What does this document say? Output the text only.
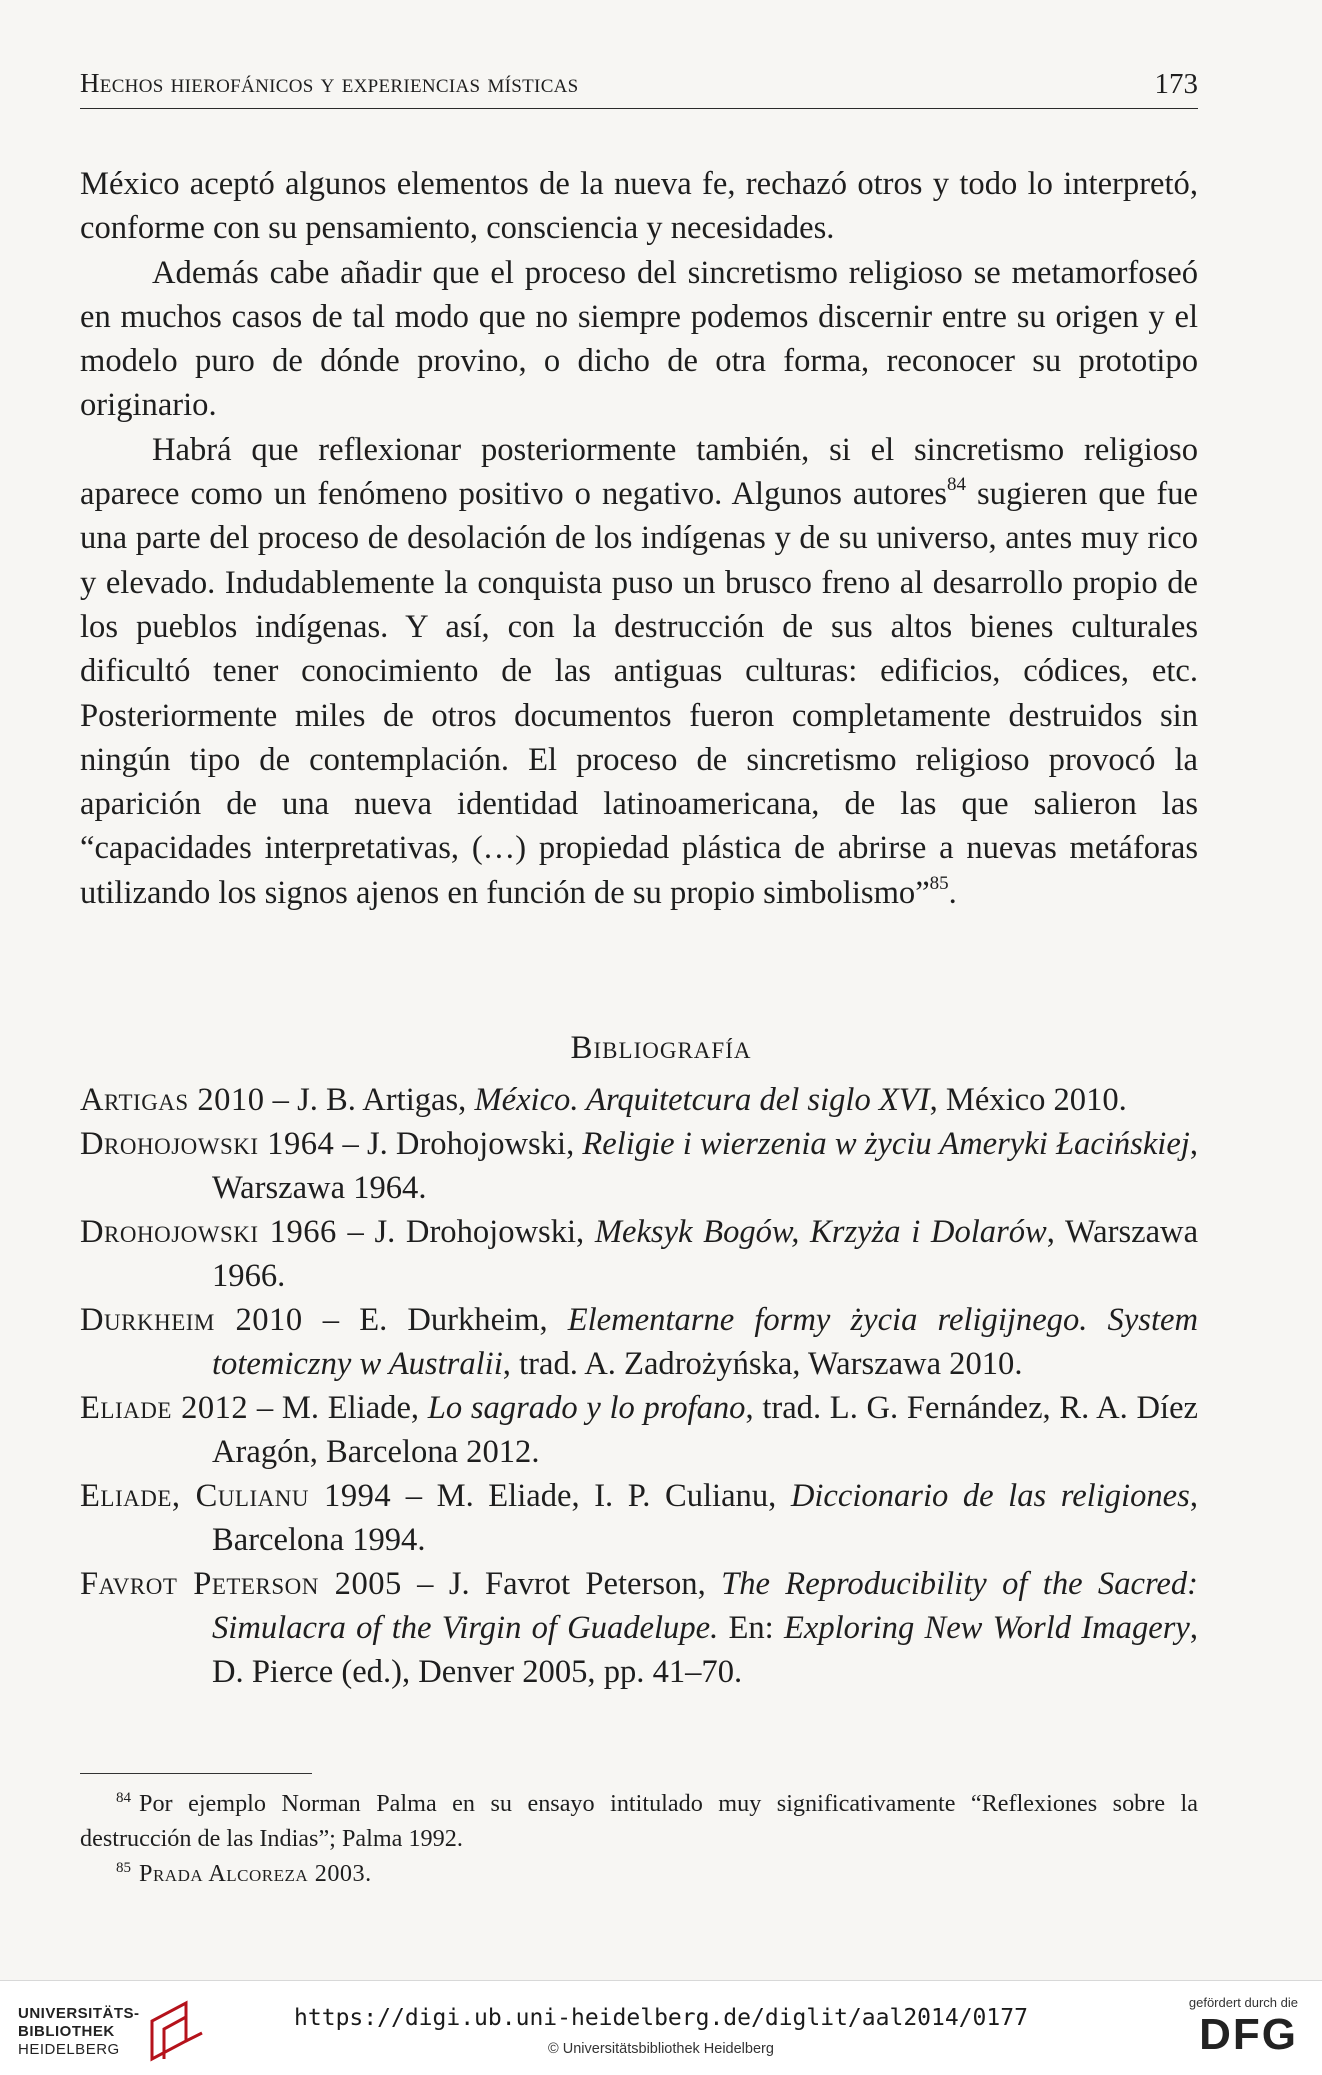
Hechos hierofánicos y experiencias místicas	173

México aceptó algunos elementos de la nueva fe, rechazó otros y todo lo interpretó, conforme con su pensamiento, consciencia y necesidades.

Además cabe añadir que el proceso del sincretismo religioso se metamorfoseó en muchos casos de tal modo que no siempre podemos discernir entre su origen y el modelo puro de dónde provino, o dicho de otra forma, reconocer su prototipo originario.

Habrá que reflexionar posteriormente también, si el sincretismo religioso aparece como un fenómeno positivo o negativo. Algunos autores$^{84}$ sugieren que fue una parte del proceso de desolación de los indígenas y de su universo, antes muy rico y elevado. Indudablemente la conquista puso un brusco freno al desarrollo propio de los pueblos indígenas. Y así, con la destrucción de sus altos bienes culturales dificultó tener conocimiento de las antiguas culturas: edificios, códices, etc. Posteriormente miles de otros documentos fueron completamente destruidos sin ningún tipo de contemplación. El proceso de sincretismo religioso provocó la aparición de una nueva identidad latinoamericana, de las que salieron las “capacidades interpretativas, (…) propiedad plástica de abrirse a nuevas metáforas utilizando los signos ajenos en función de su propio simbolismo”$^{85}$.

Bibliografía
Artigas 2010 – J. B. Artigas, México. Arquitetcura del siglo XVI, México 2010.
Drohojowski 1964 – J. Drohojowski, Religie i wierzenia w życiu Ameryki Łacińskiej, Warszawa 1964.
Drohojowski 1966 – J. Drohojowski, Meksyk Bogów, Krzyża i Dolarów, Warszawa 1966.
Durkheim 2010 – E. Durkheim, Elementarne formy życia religijnego. System totemiczny w Australii, trad. A. Zadrożyńska, Warszawa 2010.
Eliade 2012 – M. Eliade, Lo sagrado y lo profano, trad. L. G. Fernández, R. A. Díez Aragón, Barcelona 2012.
Eliade, Culianu 1994 – M. Eliade, I. P. Culianu, Diccionario de las religiones, Barcelona 1994.
Favrot Peterson 2005 – J. Favrot Peterson, The Reproducibility of the Sacred: Simulacra of the Virgin of Guadelupe. En: Exploring New World Imagery, D. Pierce (ed.), Denver 2005, pp. 41–70.

$^{84}$ Por ejemplo Norman Palma en su ensayo intitulado muy significativamente “Reflexiones sobre la destrucción de las Indias”; Palma 1992.

$^{85}$ Prada Alcoreza 2003.

UNIVERSITÄTS-
BIBLIOTHEK
HEIDELBERG
https://digi.ub.uni-heidelberg.de/diglit/aal2014/0177
© Universitätsbibliothek Heidelberg
gefördert durch die
DFG
